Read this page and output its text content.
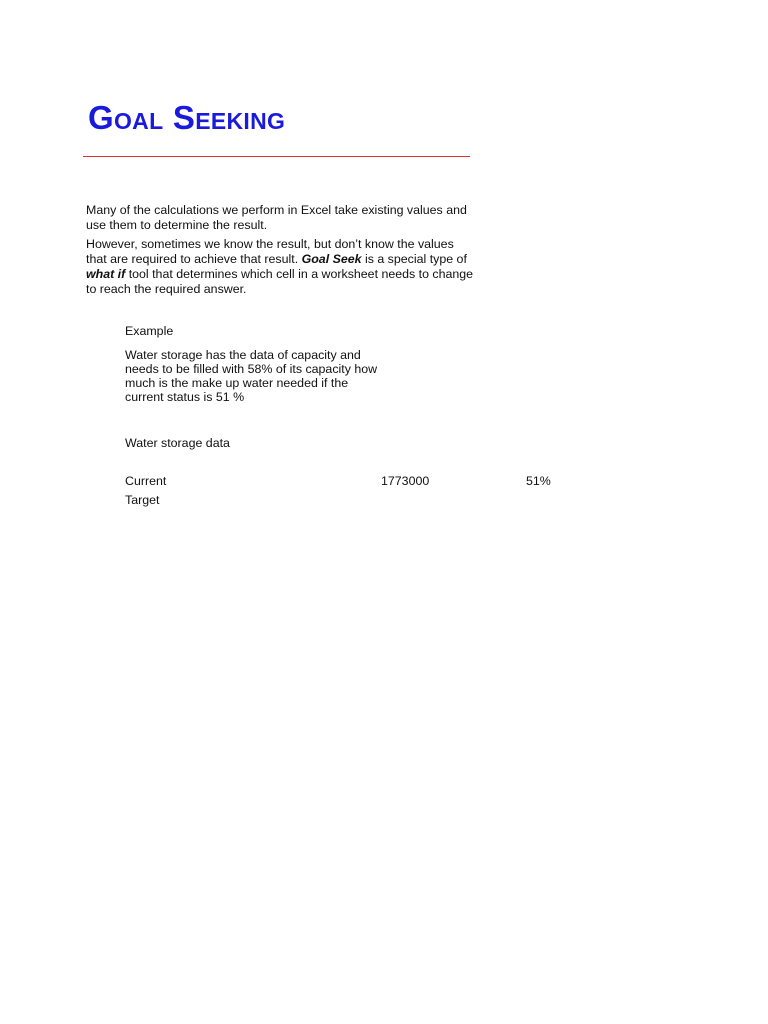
Goal Seeking

Many of the calculations we perform in Excel take existing values and use them to determine the result.

However, sometimes we know the result, but don’t know the values that are required to achieve that result. Goal Seek is a special type of what if tool that determines which cell in a worksheet needs to change to reach the required answer.

Example

Water storage has the data of capacity and needs to be filled with 58% of its capacity how much is the make up water needed if the current status is 51 %

Water storage data

Current	1773000	51%

Target
